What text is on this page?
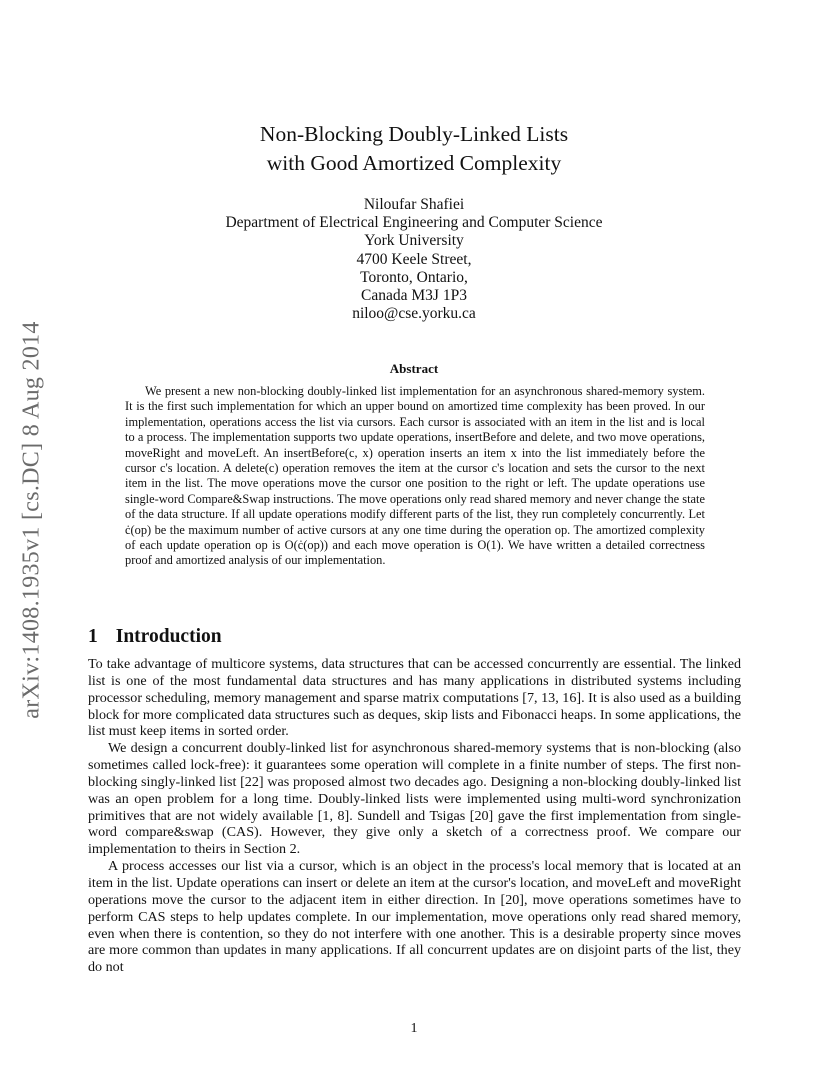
arXiv:1408.1935v1 [cs.DC] 8 Aug 2014
Non-Blocking Doubly-Linked Lists
with Good Amortized Complexity
Niloufar Shafiei
Department of Electrical Engineering and Computer Science
York University
4700 Keele Street,
Toronto, Ontario,
Canada M3J 1P3
niloo@cse.yorku.ca
Abstract

We present a new non-blocking doubly-linked list implementation for an asynchronous shared-memory system. It is the first such implementation for which an upper bound on amortized time complexity has been proved. In our implementation, operations access the list via cursors. Each cursor is associated with an item in the list and is local to a process. The implementation supports two update operations, insertBefore and delete, and two move operations, moveRight and moveLeft. An insertBefore(c, x) operation inserts an item x into the list immediately before the cursor c's location. A delete(c) operation removes the item at the cursor c's location and sets the cursor to the next item in the list. The move operations move the cursor one position to the right or left. The update operations use single-word Compare&Swap instructions. The move operations only read shared memory and never change the state of the data structure. If all update operations modify different parts of the list, they run completely concurrently. Let ċ(op) be the maximum number of active cursors at any one time during the operation op. The amortized complexity of each update operation op is O(ċ(op)) and each move operation is O(1). We have written a detailed correctness proof and amortized analysis of our implementation.

1 Introduction

To take advantage of multicore systems, data structures that can be accessed concurrently are essential. The linked list is one of the most fundamental data structures and has many applications in distributed systems including processor scheduling, memory management and sparse matrix computations [7, 13, 16]. It is also used as a building block for more complicated data structures such as deques, skip lists and Fibonacci heaps. In some applications, the list must keep items in sorted order.

We design a concurrent doubly-linked list for asynchronous shared-memory systems that is non-blocking (also sometimes called lock-free): it guarantees some operation will complete in a finite number of steps. The first non-blocking singly-linked list [22] was proposed almost two decades ago. Designing a non-blocking doubly-linked list was an open problem for a long time. Doubly-linked lists were implemented using multi-word synchronization primitives that are not widely available [1, 8]. Sundell and Tsigas [20] gave the first implementation from single-word compare&swap (CAS). However, they give only a sketch of a correctness proof. We compare our implementation to theirs in Section 2.

A process accesses our list via a cursor, which is an object in the process's local memory that is located at an item in the list. Update operations can insert or delete an item at the cursor's location, and moveLeft and moveRight operations move the cursor to the adjacent item in either direction. In [20], move operations sometimes have to perform CAS steps to help updates complete. In our implementation, move operations only read shared memory, even when there is contention, so they do not interfere with one another. This is a desirable property since moves are more common than updates in many applications. If all concurrent updates are on disjoint parts of the list, they do not

1
